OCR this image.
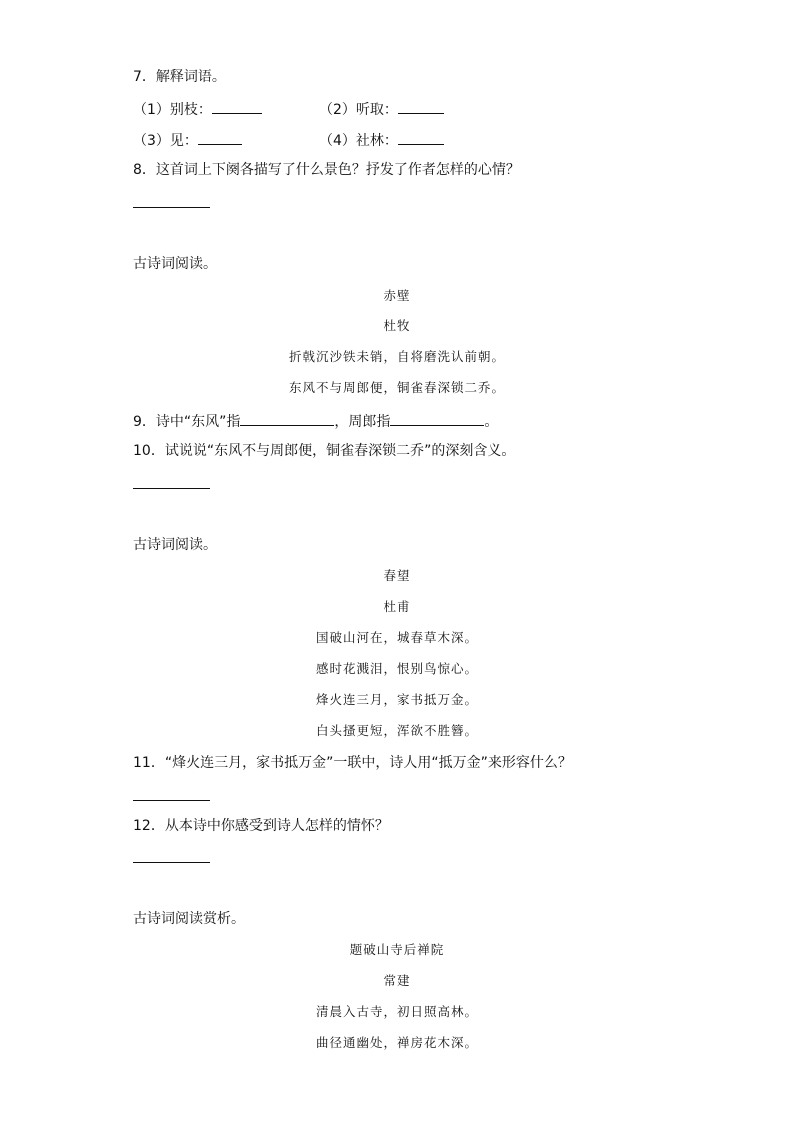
7．解释词语。
（1）别枝：	（2）听取：
（3）见：	（4）社林：
8．这首词上下阕各描写了什么景色？抒发了作者怎样的心情？
古诗词阅读。
赤壁
杜牧
折戟沉沙铁未销，自将磨洗认前朝。
东风不与周郎便，铜雀春深锁二乔。
9．诗中“东风”指	，周郎指	。
10．试说说“东风不与周郎便，铜雀春深锁二乔”的深刻含义。
古诗词阅读。
春望
杜甫
国破山河在，城春草木深。
感时花溅泪，恨别鸟惊心。
烽火连三月，家书抵万金。
白头搔更短，浑欲不胜簪。
11．“烽火连三月，家书抵万金”一联中，诗人用“抵万金”来形容什么？
12．从本诗中你感受到诗人怎样的情怀？
古诗词阅读赏析。
题破山寺后禅院
常建
清晨入古寺，初日照高林。
曲径通幽处，禅房花木深。
